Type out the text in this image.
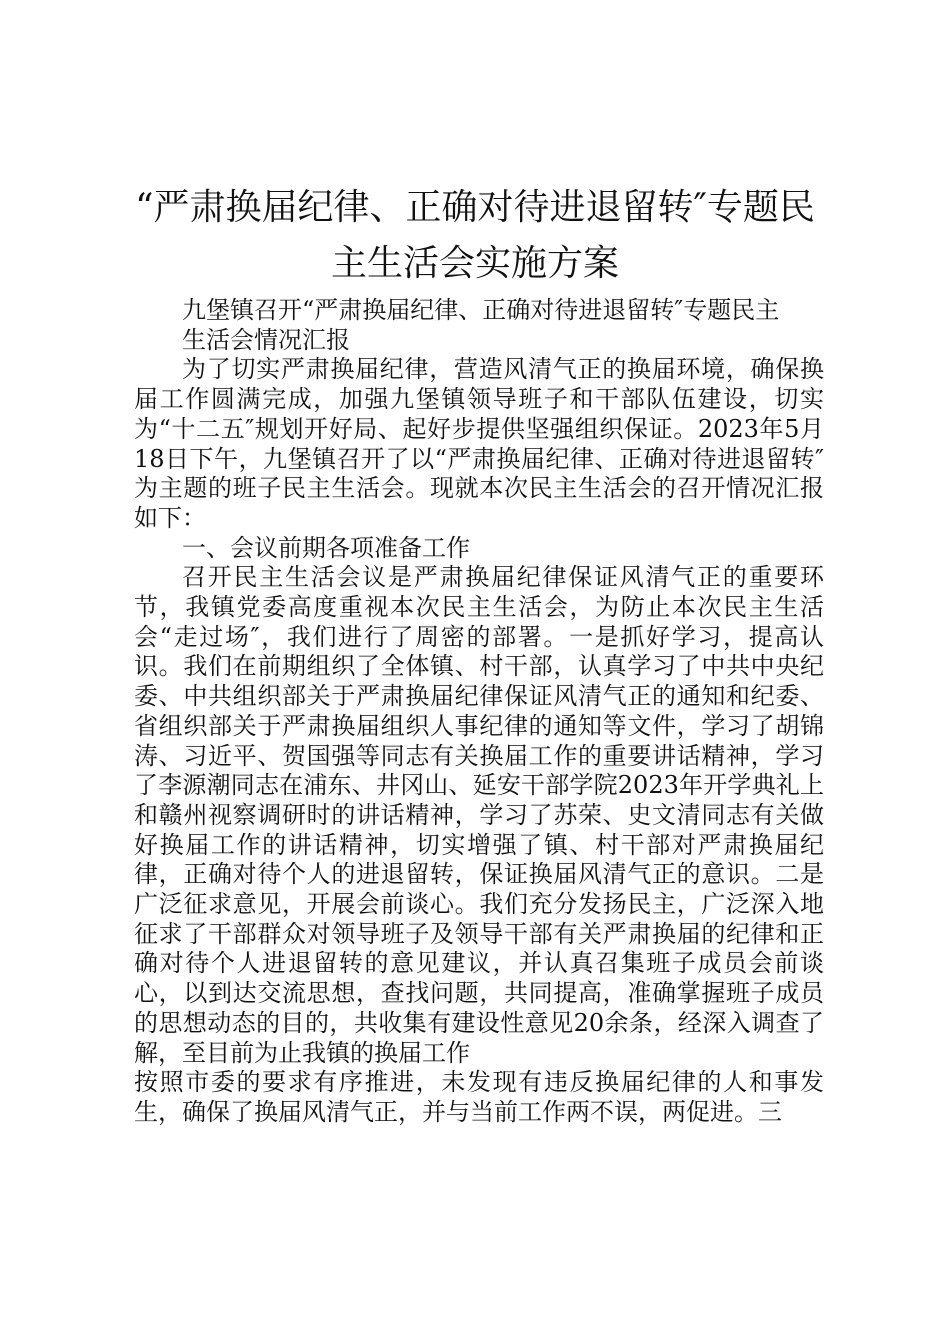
“严肃换届纪律、正确对待进退留转″专题民
主生活会实施方案

九堡镇召开“严肃换届纪律、正确对待进退留转″专题民主

生活会情况汇报

为了切实严肃换届纪律，营造风清气正的换届环境，确保换届工作圆满完成，加强九堡镇领导班子和干部队伍建设，切实为“十二五″规划开好局、起好步提供坚强组织保证。2023年5月18日下午，九堡镇召开了以“严肃换届纪律、正确对待进退留转″为主题的班子民主生活会。现就本次民主生活会的召开情况汇报如下：

一、会议前期各项准备工作

召开民主生活会议是严肃换届纪律保证风清气正的重要环节，我镇党委高度重视本次民主生活会，为防止本次民主生活会“走过场″，我们进行了周密的部署。一是抓好学习，提高认识。我们在前期组织了全体镇、村干部，认真学习了中共中央纪委、中共组织部关于严肃换届纪律保证风清气正的通知和纪委、省组织部关于严肃换届组织人事纪律的通知等文件，学习了胡锦涛、习近平、贺国强等同志有关换届工作的重要讲话精神，学习了李源潮同志在浦东、井冈山、延安干部学院2023年开学典礼上和赣州视察调研时的讲话精神，学习了苏荣、史文清同志有关做好换届工作的讲话精神，切实增强了镇、村干部对严肃换届纪律，正确对待个人的进退留转，保证换届风清气正的意识。二是广泛征求意见，开展会前谈心。我们充分发扬民主，广泛深入地征求了干部群众对领导班子及领导干部有关严肃换届的纪律和正确对待个人进退留转的意见建议，并认真召集班子成员会前谈心，以到达交流思想，查找问题，共同提高，准确掌握班子成员的思想动态的目的，共收集有建设性意见20余条，经深入调查了解，至目前为止我镇的换届工作

按照市委的要求有序推进，未发现有违反换届纪律的人和事发生，确保了换届风清气正，并与当前工作两不误，两促进。三
